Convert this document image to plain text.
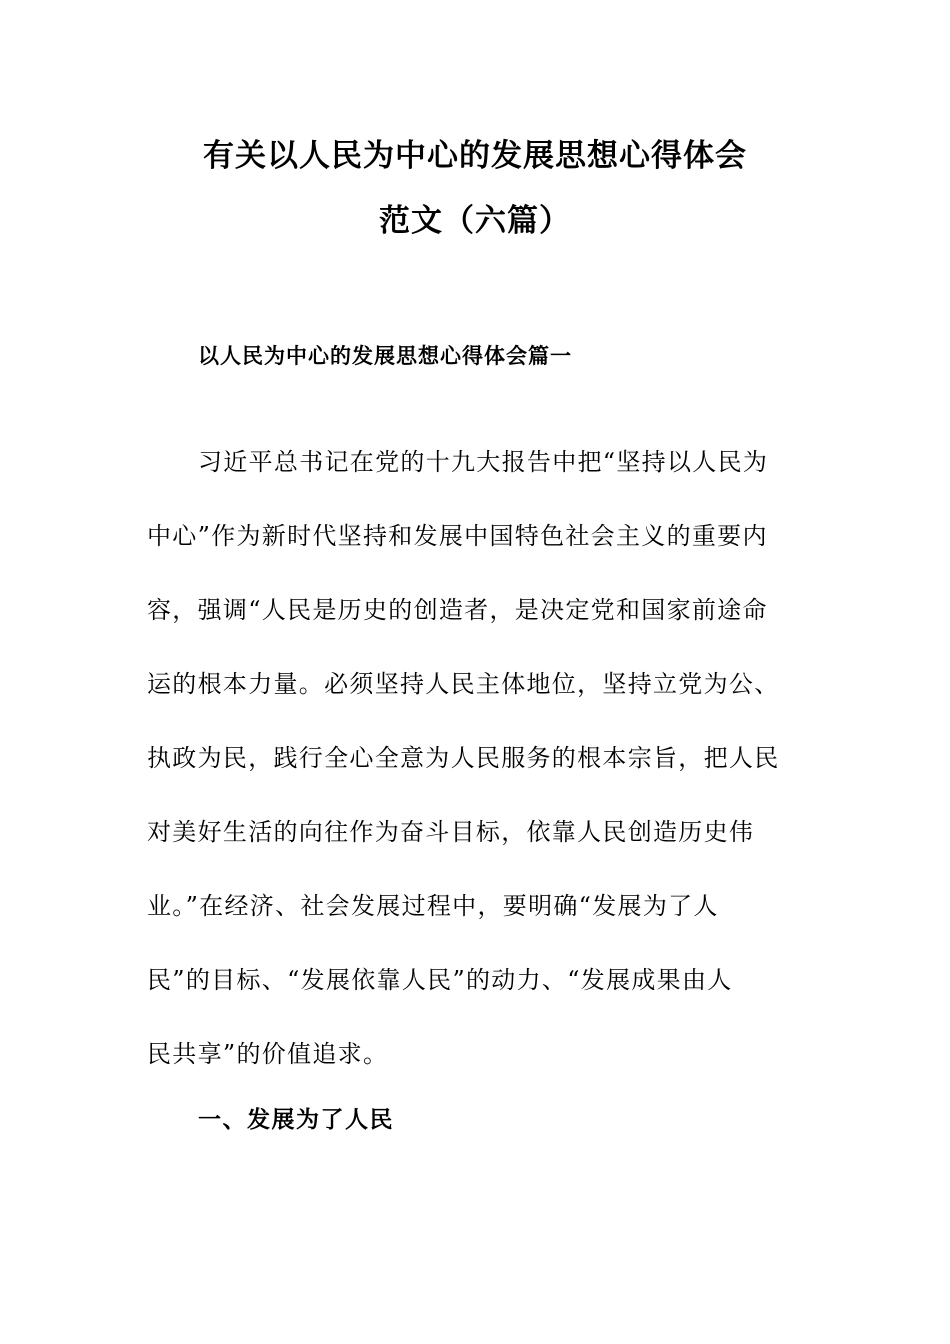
有关以人民为中心的发展思想心得体会
范文（六篇）
以人民为中心的发展思想心得体会篇一
习近平总书记在党的十九大报告中把“坚持以人民为
中心”作为新时代坚持和发展中国特色社会主义的重要内
容，强调“人民是历史的创造者，是决定党和国家前途命
运的根本力量。必须坚持人民主体地位，坚持立党为公、
执政为民，践行全心全意为人民服务的根本宗旨，把人民
对美好生活的向往作为奋斗目标，依靠人民创造历史伟
业。”在经济、社会发展过程中，要明确“发展为了人
民”的目标、“发展依靠人民”的动力、“发展成果由人
民共享”的价值追求。
一、发展为了人民
